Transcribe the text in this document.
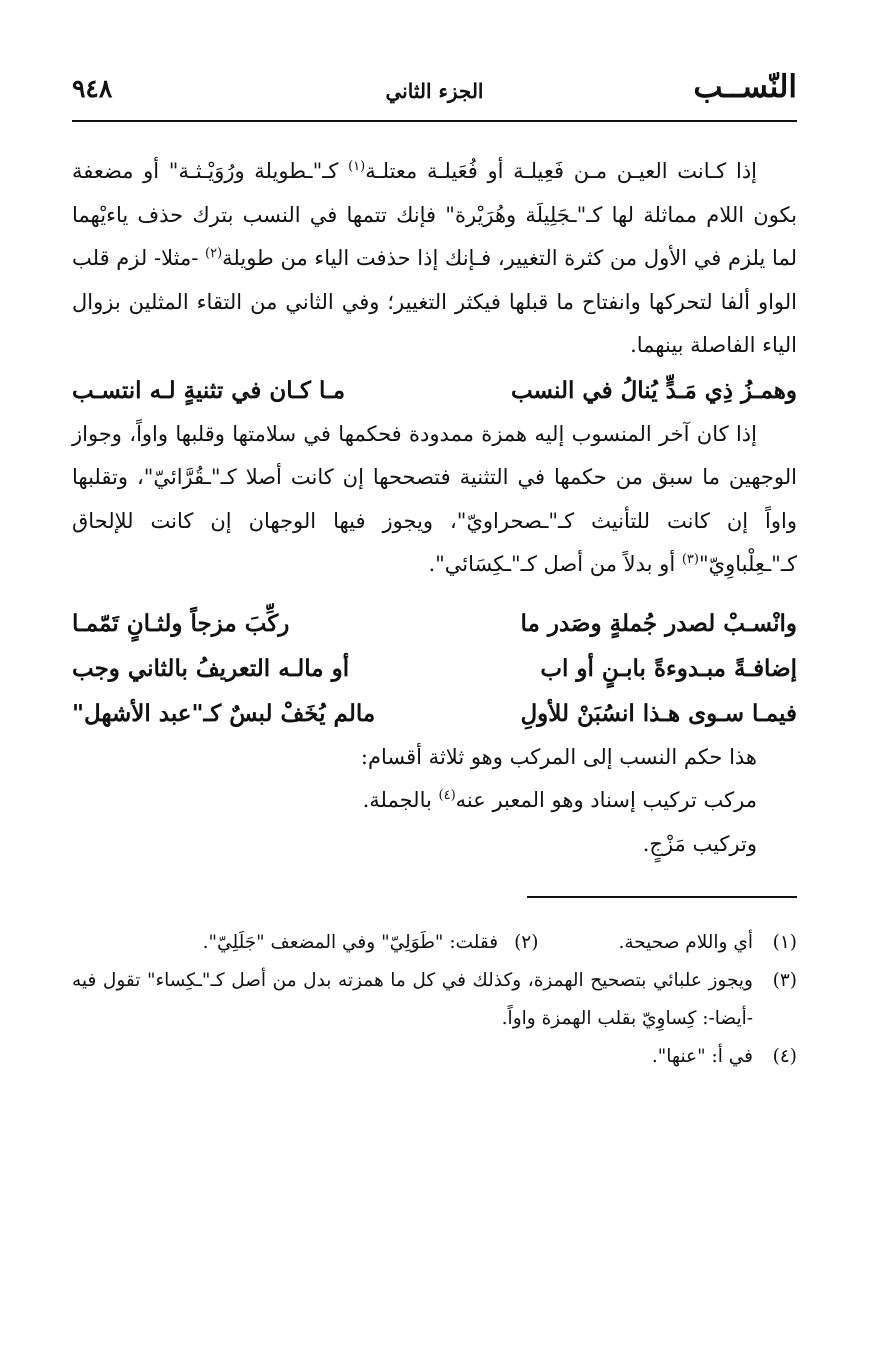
النّســب
الجزء الثاني
٩٤٨

إذا كـانت العيـن مـن فَعِيلـة أو فُعَيلـة معتلـة$^{(١)}$ كـ"ـطويلة ورُوَيْـثـة" أو مضعفة بكون اللام مماثلة لها كـ"ـجَلِيلَة وهُرَيْرة" فإنك تتمها في النسب بترك حذف ياءيْهما لما يلزم في الأول من كثرة التغيير، فـإنك إذا حذفت الياء من طويلة$^{(٢)}$ -مثلا- لزم قلب الواو ألفا لتحركها وانفتاح ما قبلها فيكثر التغيير؛ وفي الثاني من التقاء المثلين بزوال الياء الفاصلة بينهما.

وهمـزُ ذِي مَـدٍّ يُنالُ في النسب
مـا كـان في تثنيةٍ لـه انتسـب

إذا كان آخر المنسوب إليه همزة ممدودة فحكمها في سلامتها وقلبها واواً، وجواز الوجهين ما سبق من حكمها في التثنية فتصححها إن كانت أصلا كـ"ـقُرَّائيّ"، وتقلبها واواً إن كانت للتأنيث كـ"ـصحراويّ"، ويجوز فيها الوجهان إن كانت للإلحاق كـ"ـعِلْباوِيّ"$^{(٣)}$ أو بدلاً من أصل كـ"ـكِسَائي".

وانْسـبْ لصدر جُملةٍ وصَدر ما
ركِّبَ مزجاً ولثـانٍ تَمّمـا
إضافـةً مبـدوءةً بابـنٍ أو اب
أو مالـه التعريفُ بالثاني وجب
فيمـا سـوى هـذا انسُبَنْ للأولِ
مالم يُخَفْ لبسٌ كـ"عبد الأشهل"
هذا حكم النسب إلى المركب وهو ثلاثة أقسام:
مركب تركيب إسناد وهو المعبر عنه$^{(٤)}$ بالجملة.
وتركيب مَزْجٍ.
(١)
أي واللام صحيحة.
(٢)
فقلت: "طَوَلِيّ" وفي المضعف "جَلَلِيّ".
(٣)
ويجوز علبائي بتصحيح الهمزة، وكذلك في كل ما همزته بدل من أصل كـ"ـكِساء" تقول فيه -أيضا-: كِساوِيّ بقلب الهمزة واواً.
(٤)
في أ: "عنها".
